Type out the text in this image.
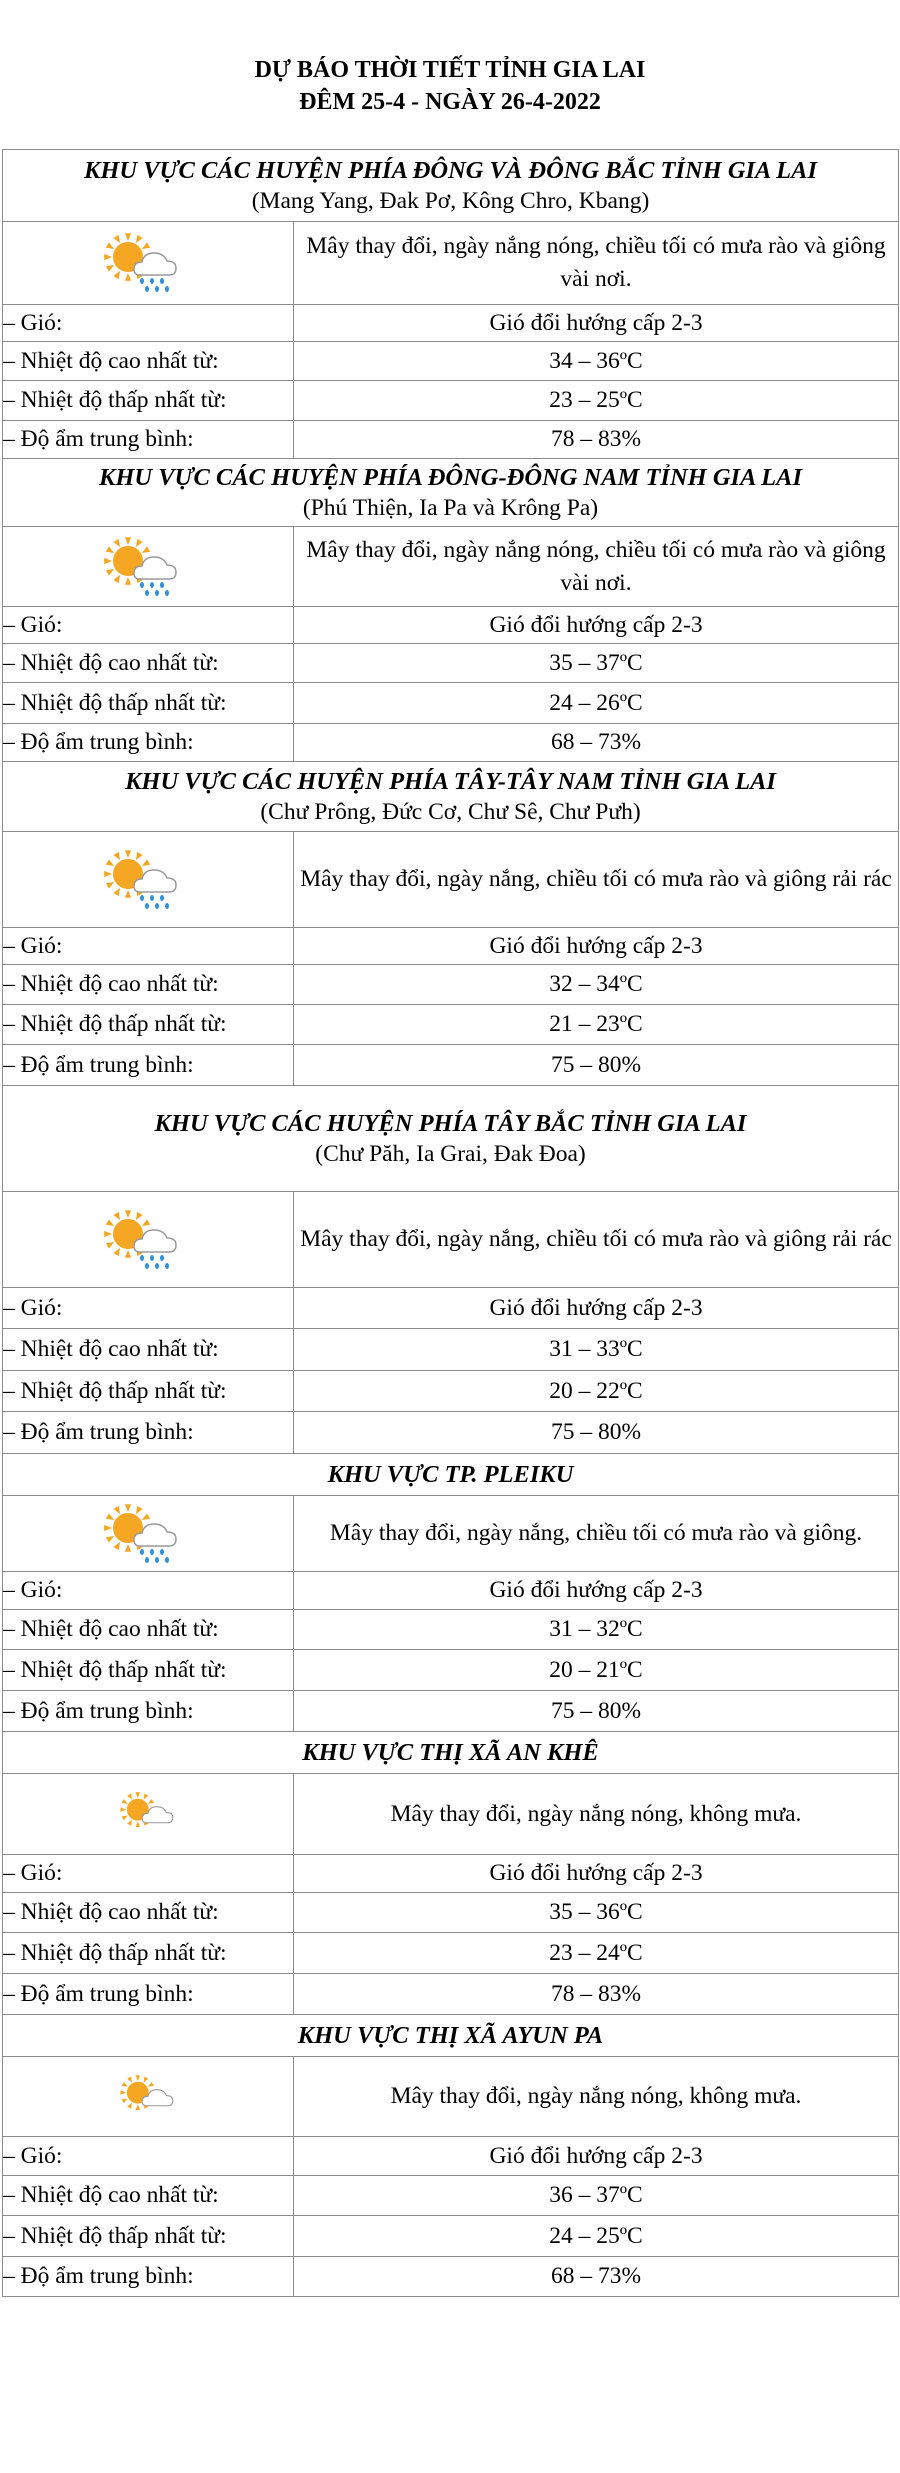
DỰ BÁO THỜI TIẾT TỈNH GIA LAI
ĐÊM 25-4 - NGÀY 26-4-2022
KHU VỰC CÁC HUYỆN PHÍA ĐÔNG VÀ ĐÔNG BẮC TỈNH GIA LAI
(Mang Yang, Đak Pơ, Kông Chro, Kbang)	

	Mây thay đổi, ngày nắng nóng, chiều tối có mưa rào và giông vài nơi.
– Gió:	Gió đổi hướng cấp 2-3
– Nhiệt độ cao nhất từ:	34 – 36ºC
– Nhiệt độ thấp nhất từ:	23 – 25ºC
– Độ ẩm trung bình:	78 – 83%

KHU VỰC CÁC HUYỆN PHÍA ĐÔNG-ĐÔNG NAM TỈNH GIA LAI
(Phú Thiện, Ia Pa và Krông Pa)	

	Mây thay đổi, ngày nắng nóng, chiều tối có mưa rào và giông vài nơi.
– Gió:	Gió đổi hướng cấp 2-3
– Nhiệt độ cao nhất từ:	35 – 37ºC
– Nhiệt độ thấp nhất từ:	24 – 26ºC
– Độ ẩm trung bình:	68 – 73%

KHU VỰC CÁC HUYỆN PHÍA TÂY-TÂY NAM TỈNH GIA LAI
(Chư Prông, Đức Cơ, Chư Sê, Chư Pưh)	

	Mây thay đổi, ngày nắng, chiều tối có mưa rào và giông rải rác
– Gió:	Gió đổi hướng cấp 2-3
– Nhiệt độ cao nhất từ:	32 – 34ºC
– Nhiệt độ thấp nhất từ:	21 – 23ºC
– Độ ẩm trung bình:	75 – 80%

KHU VỰC CÁC HUYỆN PHÍA TÂY BẮC TỈNH GIA LAI
(Chư Păh, Ia Grai, Đak Đoa)	

	Mây thay đổi, ngày nắng, chiều tối có mưa rào và giông rải rác
– Gió:	Gió đổi hướng cấp 2-3
– Nhiệt độ cao nhất từ:	31 – 33ºC
– Nhiệt độ thấp nhất từ:	20 – 22ºC
– Độ ẩm trung bình:	75 – 80%

KHU VỰC TP. PLEIKU	

	Mây thay đổi, ngày nắng, chiều tối có mưa rào và giông.
– Gió:	Gió đổi hướng cấp 2-3
– Nhiệt độ cao nhất từ:	31 – 32ºC
– Nhiệt độ thấp nhất từ:	20 – 21ºC
– Độ ẩm trung bình:	75 – 80%

KHU VỰC THỊ XÃ AN KHÊ	

	Mây thay đổi, ngày nắng nóng, không mưa.
– Gió:	Gió đổi hướng cấp 2-3
– Nhiệt độ cao nhất từ:	35 – 36ºC
– Nhiệt độ thấp nhất từ:	23 – 24ºC
– Độ ẩm trung bình:	78 – 83%

KHU VỰC THỊ XÃ AYUN PA	

	Mây thay đổi, ngày nắng nóng, không mưa.
– Gió:	Gió đổi hướng cấp 2-3
– Nhiệt độ cao nhất từ:	36 – 37ºC
– Nhiệt độ thấp nhất từ:	24 – 25ºC
– Độ ẩm trung bình:	68 – 73%
